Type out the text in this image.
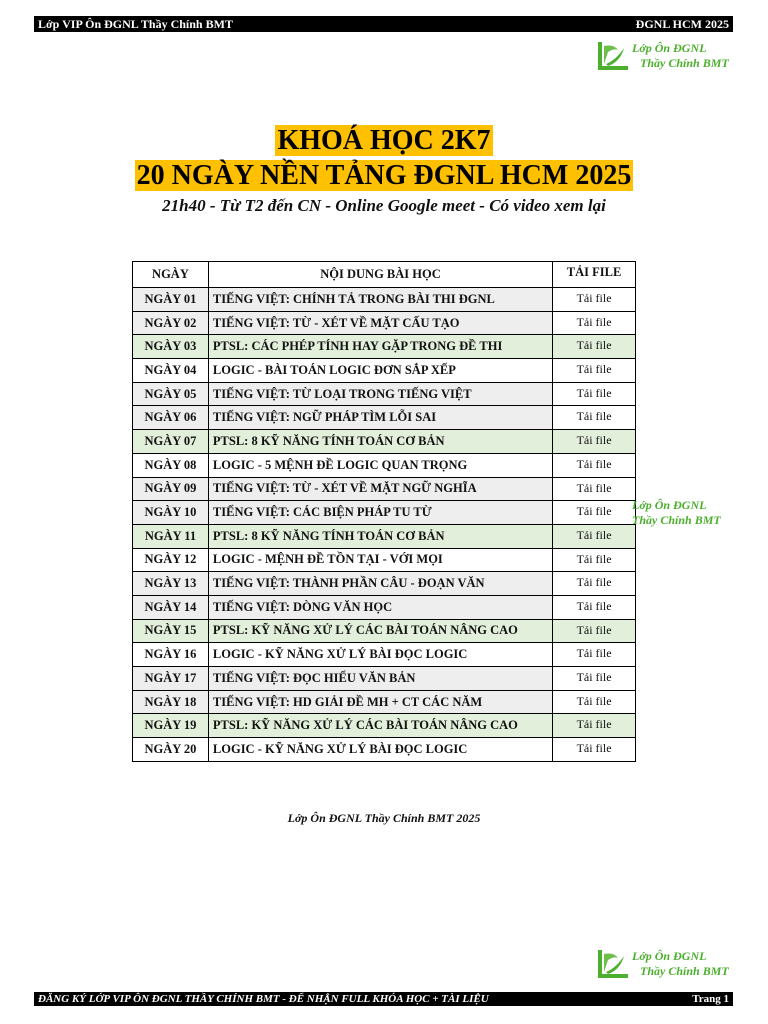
Lớp VIP Ôn ĐGNL Thầy Chính BMT	ĐGNL HCM 2025
Lớp Ôn ĐGNL
Thầy Chính BMT
KHOÁ HỌC 2K7
20 NGÀY NỀN TẢNG ĐGNL HCM 2025
21h40 - Từ T2 đến CN - Online Google meet - Có video xem lại
NGÀY	NỘI DUNG BÀI HỌC	TẢI FILE
NGÀY 01	TIẾNG VIỆT: CHÍNH TẢ TRONG BÀI THI ĐGNL	Tải file
NGÀY 02	TIẾNG VIỆT: TỪ - XÉT VỀ MẶT CẤU TẠO	Tải file
NGÀY 03	PTSL: CÁC PHÉP TÍNH HAY GẶP TRONG ĐỀ THI	Tải file
NGÀY 04	LOGIC - BÀI TOÁN LOGIC ĐƠN SẮP XẾP	Tải file
NGÀY 05	TIẾNG VIỆT: TỪ LOẠI TRONG TIẾNG VIỆT	Tải file
NGÀY 06	TIẾNG VIỆT: NGỮ PHÁP TÌM LỖI SAI	Tải file
NGÀY 07	PTSL: 8 KỸ NĂNG TÍNH TOÁN CƠ BẢN	Tải file
NGÀY 08	LOGIC - 5 MỆNH ĐỀ LOGIC QUAN TRỌNG	Tải file
NGÀY 09	TIẾNG VIỆT: TỪ - XÉT VỀ MẶT NGỮ NGHĨA	Tải file
NGÀY 10	TIẾNG VIỆT: CÁC BIỆN PHÁP TU TỪ	Tải file
NGÀY 11	PTSL: 8 KỸ NĂNG TÍNH TOÁN CƠ BẢN	Tải file
NGÀY 12	LOGIC - MỆNH ĐỀ TỒN TẠI - VỚI MỌI	Tải file
NGÀY 13	TIẾNG VIỆT: THÀNH PHẦN CÂU - ĐOẠN VĂN	Tải file
NGÀY 14	TIẾNG VIỆT: DÒNG VĂN HỌC	Tải file
NGÀY 15	PTSL: KỸ NĂNG XỬ LÝ CÁC BÀI TOÁN NÂNG CAO	Tải file
NGÀY 16	LOGIC - KỸ NĂNG XỬ LÝ BÀI ĐỌC LOGIC	Tải file
NGÀY 17	TIẾNG VIỆT: ĐỌC HIỂU VĂN BẢN	Tải file
NGÀY 18	TIẾNG VIỆT: HD GIẢI ĐỀ MH + CT CÁC NĂM	Tải file
NGÀY 19	PTSL: KỸ NĂNG XỬ LÝ CÁC BÀI TOÁN NÂNG CAO	Tải file
NGÀY 20	LOGIC - KỸ NĂNG XỬ LÝ BÀI ĐỌC LOGIC	Tải file
Lớp Ôn ĐGNL
Thầy Chính BMT
Lớp Ôn ĐGNL Thầy Chính BMT 2025
Lớp Ôn ĐGNL
Thầy Chính BMT
ĐĂNG KÝ LỚP VIP ÔN ĐGNL THẦY CHÍNH BMT - ĐỂ NHẬN FULL KHÓA HỌC + TÀI LIỆU	Trang 1
